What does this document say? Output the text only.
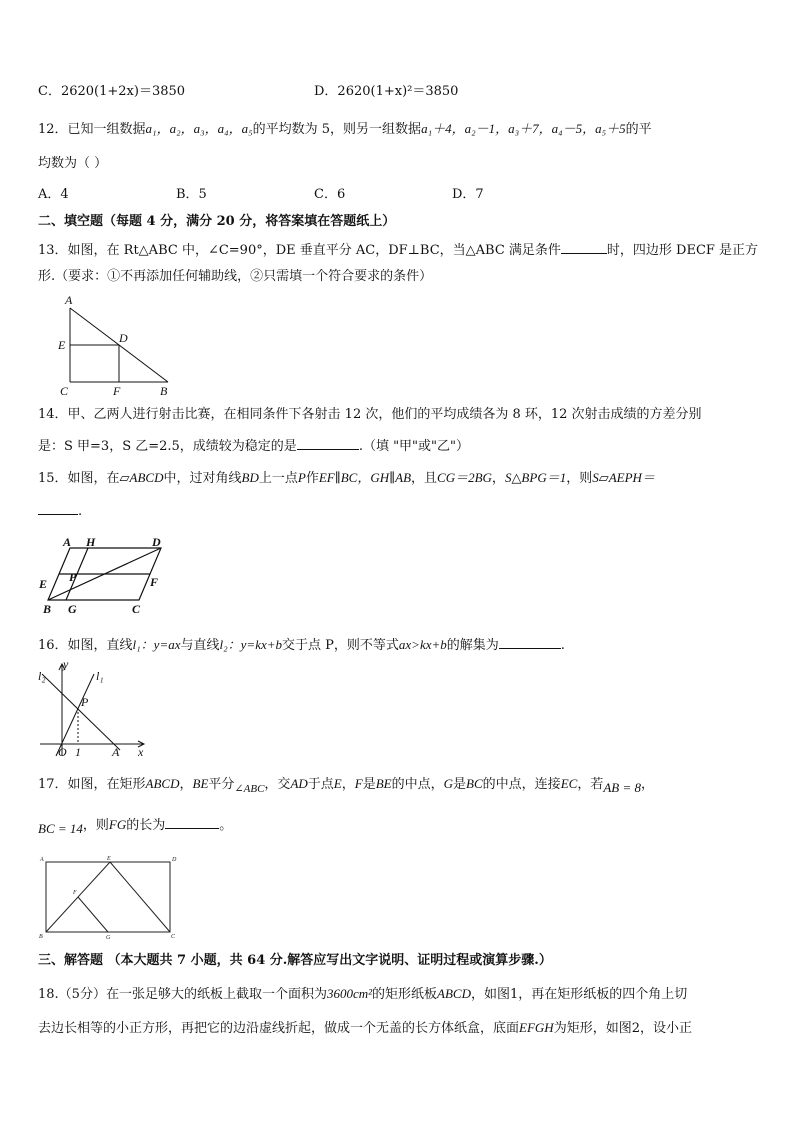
C．2620(1+2x)＝3850	D．2620(1+x)²＝3850
12．已知一组数据a₁，a₂，a₃，a₄，a₅的平均数为 5，则另一组数据a₁＋4，a₂－1，a₃＋7，a₄－5，a₅＋5的平
均数为（ ）
A．4	B．5	C．6	D．7
二、填空题（每题 4 分，满分 20 分，将答案填在答题纸上）
13．如图，在 Rt△ABC 中，∠C=90°，DE 垂直平分 AC，DF⊥BC，当△ABC 满足条件	时，四边形 DECF 是正方
形.（要求：①不再添加任何辅助线，②只需填一个符合要求的条件）
A
E	D
C	F	B
14．甲、乙两人进行射击比赛，在相同条件下各射击 12 次，他们的平均成绩各为 8 环，12 次射击成绩的方差分别
是：S 甲=3，S 乙=2.5，成绩较为稳定的是	.（填 "甲"或"乙"）
15．如图，在▱ABCD中，过对角线BD上一点P作EF∥BC，GH∥AB，且CG＝2BG，S△BPG＝1，则S▱AEPH＝
.
A H	D
E P	F
B G	C
16．如图，直线l₁：y=ax与直线l₂：y=kx+b交于点 P，则不等式ax>kx+b的解集为	.
y
l₂	l₁
P
O 1	A x
17．如图，在矩形ABCD，BE平分$_{\angle ABC}$，交AD于点E，F是BE的中点，G是BC的中点，连接EC，若AB = 8，
BC = 14，则FG的长为	。
A	E	D
F
B	G	C
三、解答题 （本大题共 7 小题，共 64 分.解答应写出文字说明、证明过程或演算步骤.）
18.（5分）在一张足够大的纸板上截取一个面积为3600cm²的矩形纸板ABCD，如图1，再在矩形纸板的四个角上切
去边长相等的小正方形，再把它的边沿虚线折起，做成一个无盖的长方体纸盒，底面EFGH为矩形，如图2，设小正
